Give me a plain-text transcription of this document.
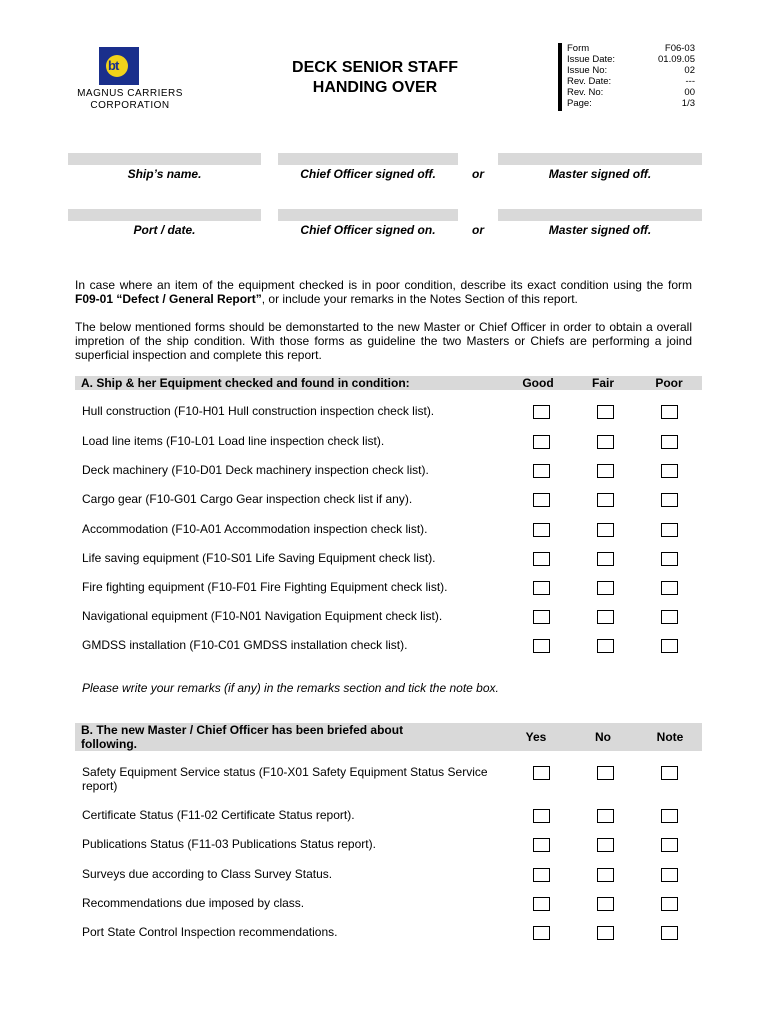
bt
MAGNUS CARRIERS
CORPORATION
DECK SENIOR STAFF
HANDING OVER
Form	F06-03
Issue Date:	01.09.05
Issue No:	02
Rev. Date:	---
Rev. No:	00
Page:	1/3
Ship’s name.	Chief Officer signed off.	or	Master signed off.
Port / date.	Chief Officer signed on.	or	Master signed off.
In case where an item of the equipment checked is in poor condition, describe its exact condition using the form F09-01 “Defect / General Report”, or include your remarks in the Notes Section of this report.
The below mentioned forms should be demonstarted to the new Master or Chief Officer in order to obtain a overall impretion of the ship condition. With those forms as guideline the two Masters or Chiefs are performing a joind superficial inspection and complete this report.
A. Ship & her Equipment checked and found in condition:	Good	Fair	Poor
Hull construction (F10-H01 Hull construction inspection check list).
Load line items (F10-L01 Load line inspection check list).
Deck machinery (F10-D01 Deck machinery inspection check list).
Cargo gear (F10-G01 Cargo Gear inspection check list if any).
Accommodation (F10-A01 Accommodation inspection check list).
Life saving equipment (F10-S01 Life Saving Equipment check list).
Fire fighting equipment (F10-F01 Fire Fighting Equipment check list).
Navigational equipment (F10-N01 Navigation Equipment check list).
GMDSS installation (F10-C01 GMDSS installation check list).
Please write your remarks (if any) in the remarks section and tick the note box.
B. The new Master / Chief Officer has been briefed about
following.	Yes	No	Note
Safety Equipment Service status (F10-X01 Safety Equipment Status Service report)
Certificate Status (F11-02 Certificate Status report).
Publications Status (F11-03 Publications Status report).
Surveys due according to Class Survey Status.
Recommendations due imposed by class.
Port State Control Inspection recommendations.
